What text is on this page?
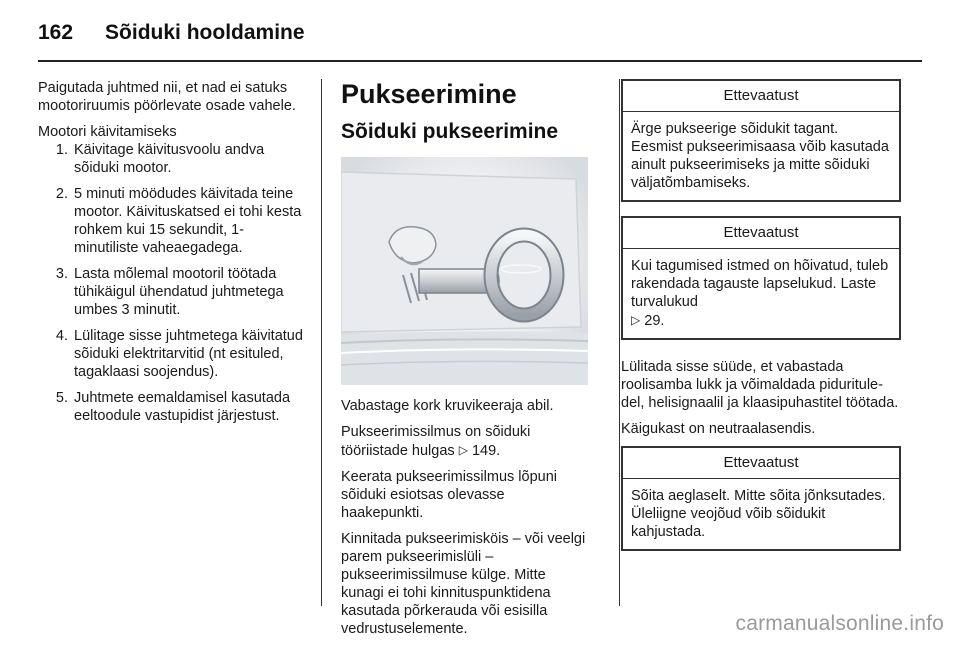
162 Sõiduki hooldamine

Paigutada juhtmed nii, et nad ei satuks mootoriruumis pöörlevate osade vahele.

Mootori käivitamiseks

1. Käivitage käivitusvoolu andva sõiduki mootor.
2. 5 minuti möödudes käivitada teine mootor. Käivituskatsed ei tohi kesta rohkem kui 15 sekundit, 1-minutiliste vaheaegadega.
3. Lasta mõlemal mootoril töötada tühikäigul ühendatud juhtmetega umbes 3 minutit.
4. Lülitage sisse juhtmetega käivitatud sõiduki elektritarvitid (nt esituled, tagaklaasi soojendus).
5. Juhtmete eemaldamisel kasutada eeltoodule vastupidist järjestust.
Pukseerimine
Sõiduki pukseerimine

Vabastage kork kruvikeeraja abil.

Pukseerimissilmus on sõiduki tööriistade hulgas ▷ 149.

Keerata pukseerimissilmus lõpuni sõiduki esiotsas olevasse haakepunkti.

Kinnitada pukseerimisköis – või veelgi parem pukseerimislüli – pukseerimissilmuse külge. Mitte kunagi ei tohi kinnituspunktidena kasutada põrkerauda või esisilla vedrustuselemente.

Ettevaatust
Ärge pukseerige sõidukit tagant. Eesmist pukseerimisaasa võib kasutada ainult pukseerimiseks ja mitte sõiduki väljatõmbamiseks.
Ettevaatust
Kui tagumised istmed on hõivatud, tuleb rakendada tagauste lapselukud. Laste turvalukud
▷ 29.

Lülitada sisse süüde, et vabastada roolisamba lukk ja võimaldada pidurituledel, helisignaalil ja klaasipuhastitel töötada.

Käigukast on neutraalasendis.

Ettevaatust
Sõita aeglaselt. Mitte sõita jõnksutades. Üleliigne veojõud võib sõidukit kahjustada.
carmanualsonline.info
